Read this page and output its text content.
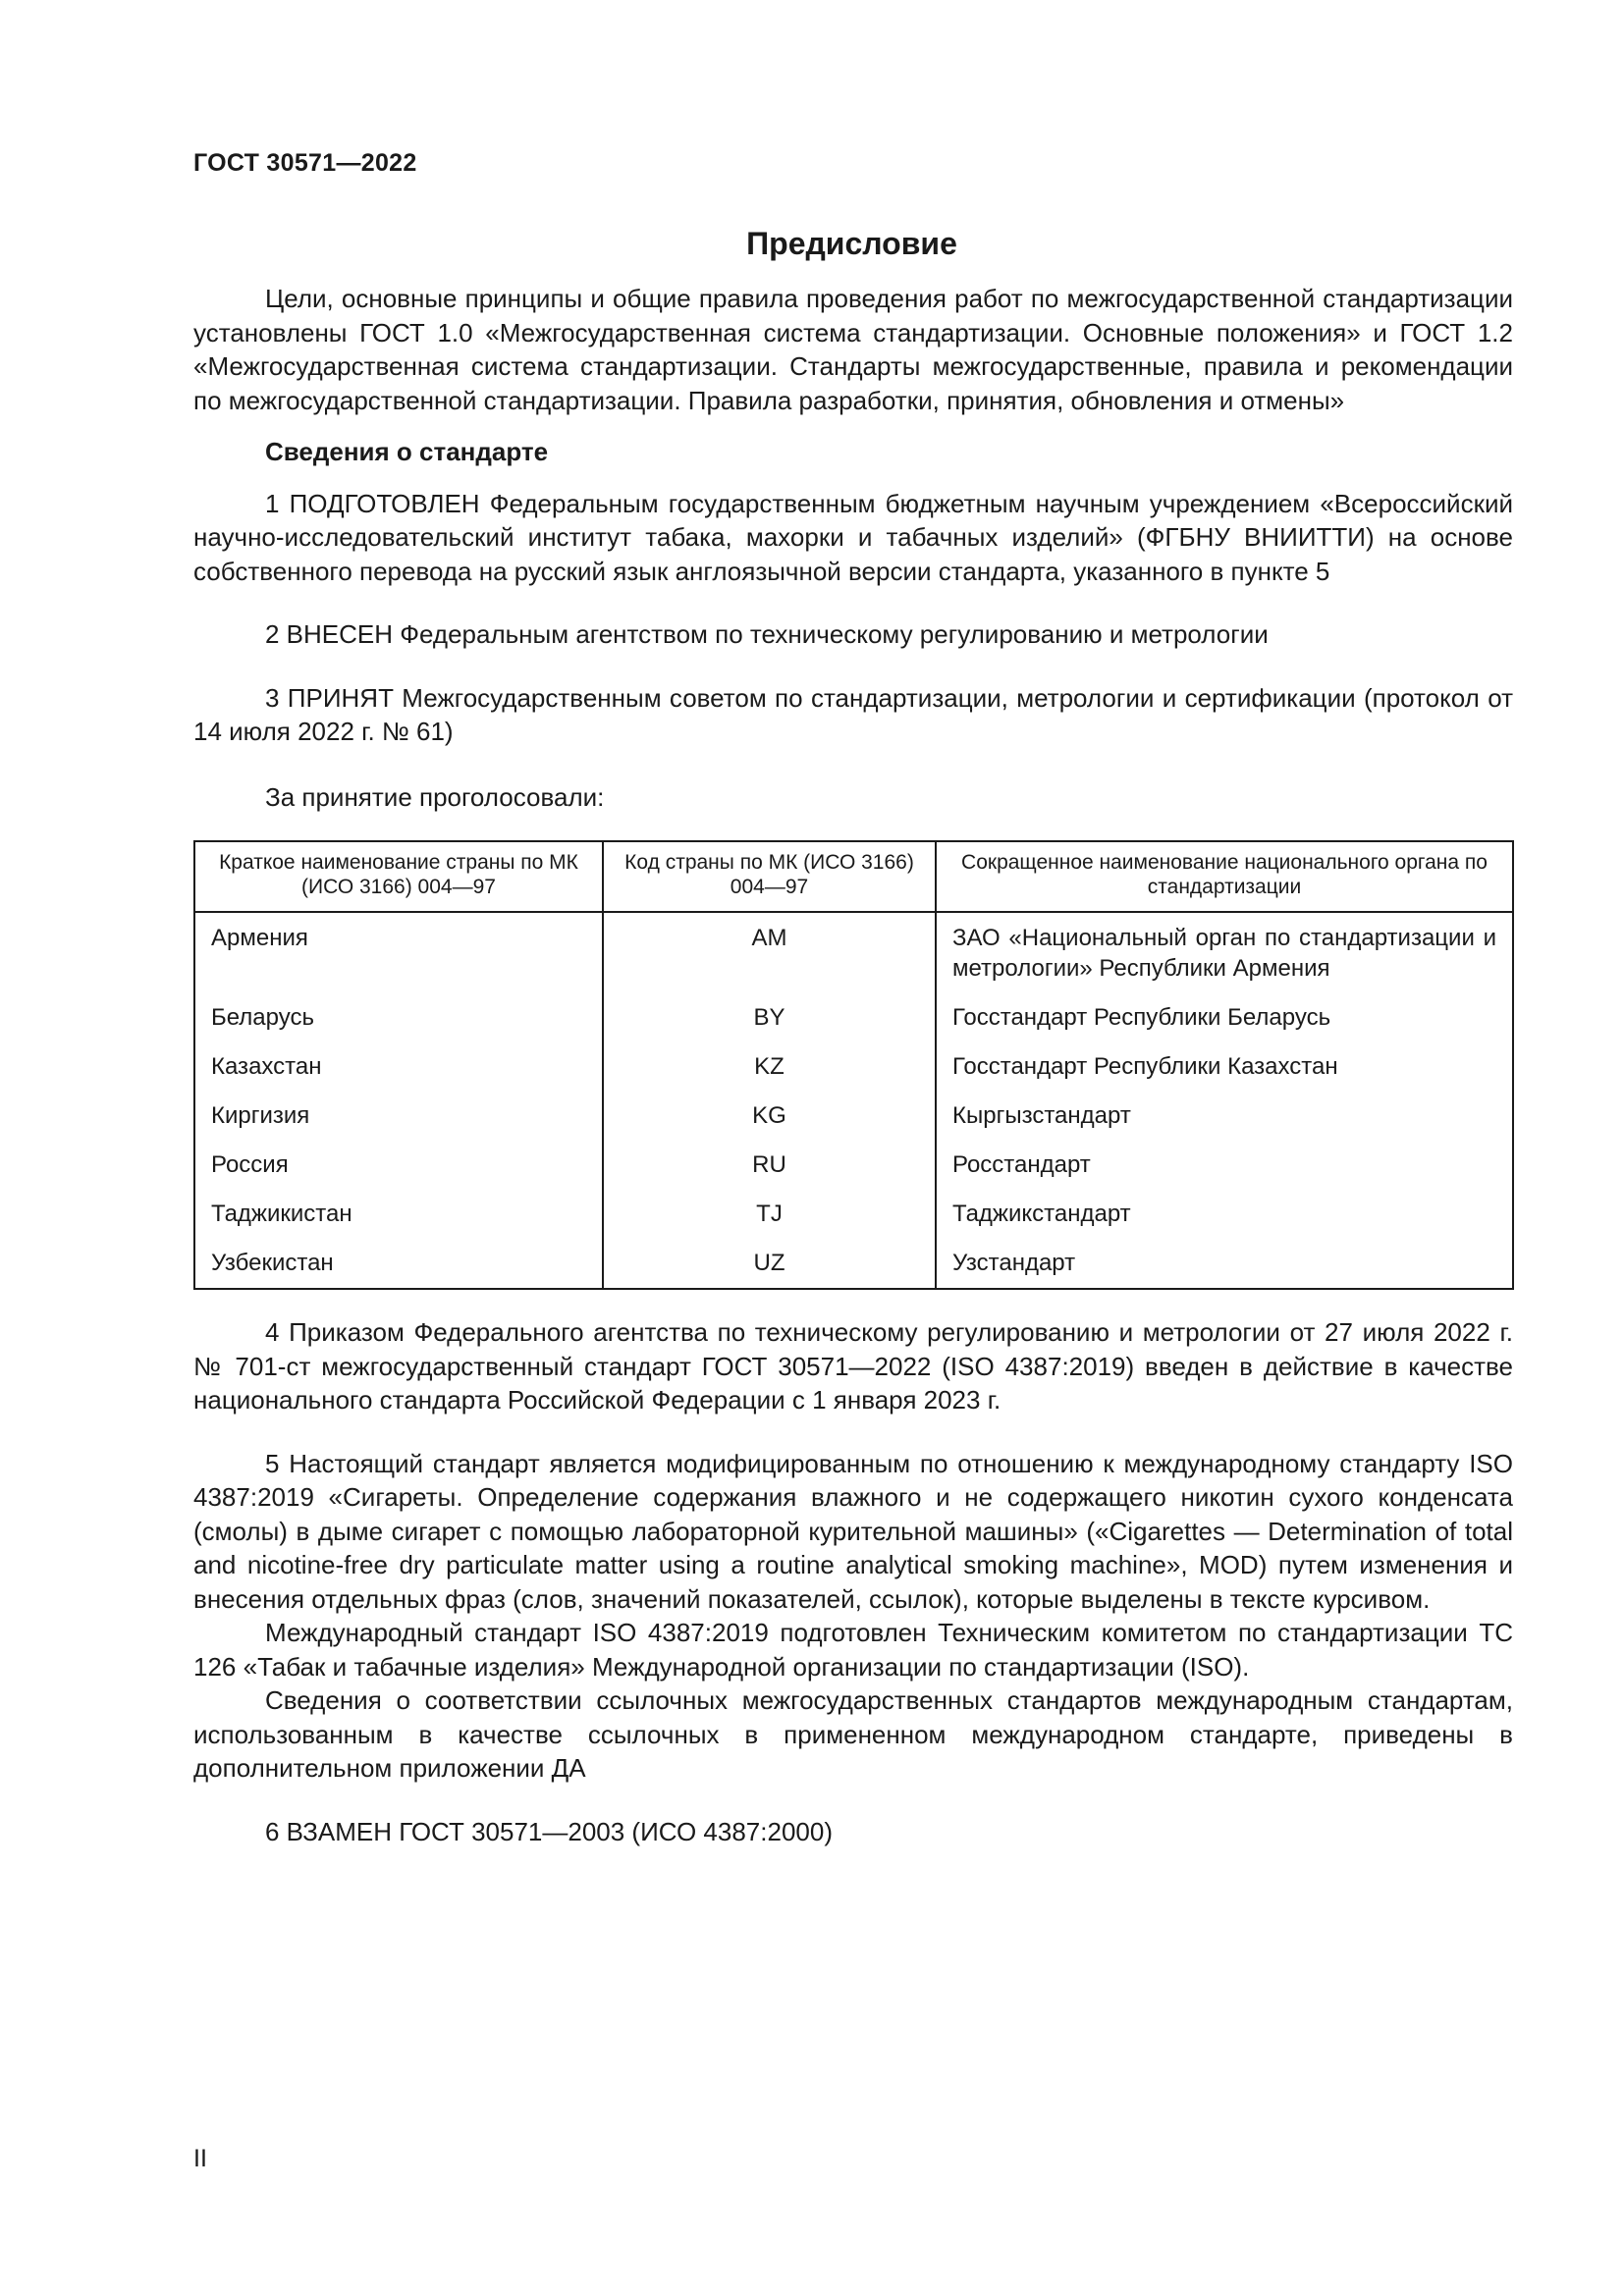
ГОСТ 30571—2022
Предисловие

Цели, основные принципы и общие правила проведения работ по межгосударственной стандартизации установлены ГОСТ 1.0 «Межгосударственная система стандартизации. Основные положения» и ГОСТ 1.2 «Межгосударственная система стандартизации. Стандарты межгосударственные, правила и рекомендации по межгосударственной стандартизации. Правила разработки, принятия, обновления и отмены»

Сведения о стандарте

1 ПОДГОТОВЛЕН Федеральным государственным бюджетным научным учреждением «Всероссийский научно-исследовательский институт табака, махорки и табачных изделий» (ФГБНУ ВНИИТТИ) на основе собственного перевода на русский язык англоязычной версии стандарта, указанного в пункте 5

2 ВНЕСЕН Федеральным агентством по техническому регулированию и метрологии

3 ПРИНЯТ Межгосударственным советом по стандартизации, метрологии и сертификации (протокол от 14 июля 2022 г. № 61)

За принятие проголосовали:

Краткое наименование страны по МК (ИСО 3166) 004—97	Код страны по МК (ИСО 3166) 004—97	Сокращенное наименование национального органа по стандартизации
Армения	AM	ЗАО «Национальный орган по стандартизации и метрологии» Республики Армения
Беларусь	BY	Госстандарт Республики Беларусь
Казахстан	KZ	Госстандарт Республики Казахстан
Киргизия	KG	Кыргызстандарт
Россия	RU	Росстандарт
Таджикистан	TJ	Таджикстандарт
Узбекистан	UZ	Узстандарт

4 Приказом Федерального агентства по техническому регулированию и метрологии от 27 июля 2022 г. № 701-ст межгосударственный стандарт ГОСТ 30571—2022 (ISO 4387:2019) введен в действие в качестве национального стандарта Российской Федерации с 1 января 2023 г.

5 Настоящий стандарт является модифицированным по отношению к международному стандарту ISO 4387:2019 «Сигареты. Определение содержания влажного и не содержащего никотин сухого конденсата (смолы) в дыме сигарет с помощью лабораторной курительной машины» («Cigarettes — Determination of total and nicotine-free dry particulate matter using a routine analytical smoking machine», MOD) путем изменения и внесения отдельных фраз (слов, значений показателей, ссылок), которые выделены в тексте курсивом.

Международный стандарт ISO 4387:2019 подготовлен Техническим комитетом по стандартизации ТС 126 «Табак и табачные изделия» Международной организации по стандартизации (ISO).

Сведения о соответствии ссылочных межгосударственных стандартов международным стандартам, использованным в качестве ссылочных в примененном международном стандарте, приведены в дополнительном приложении ДА

6 ВЗАМЕН ГОСТ 30571—2003 (ИСО 4387:2000)

II
